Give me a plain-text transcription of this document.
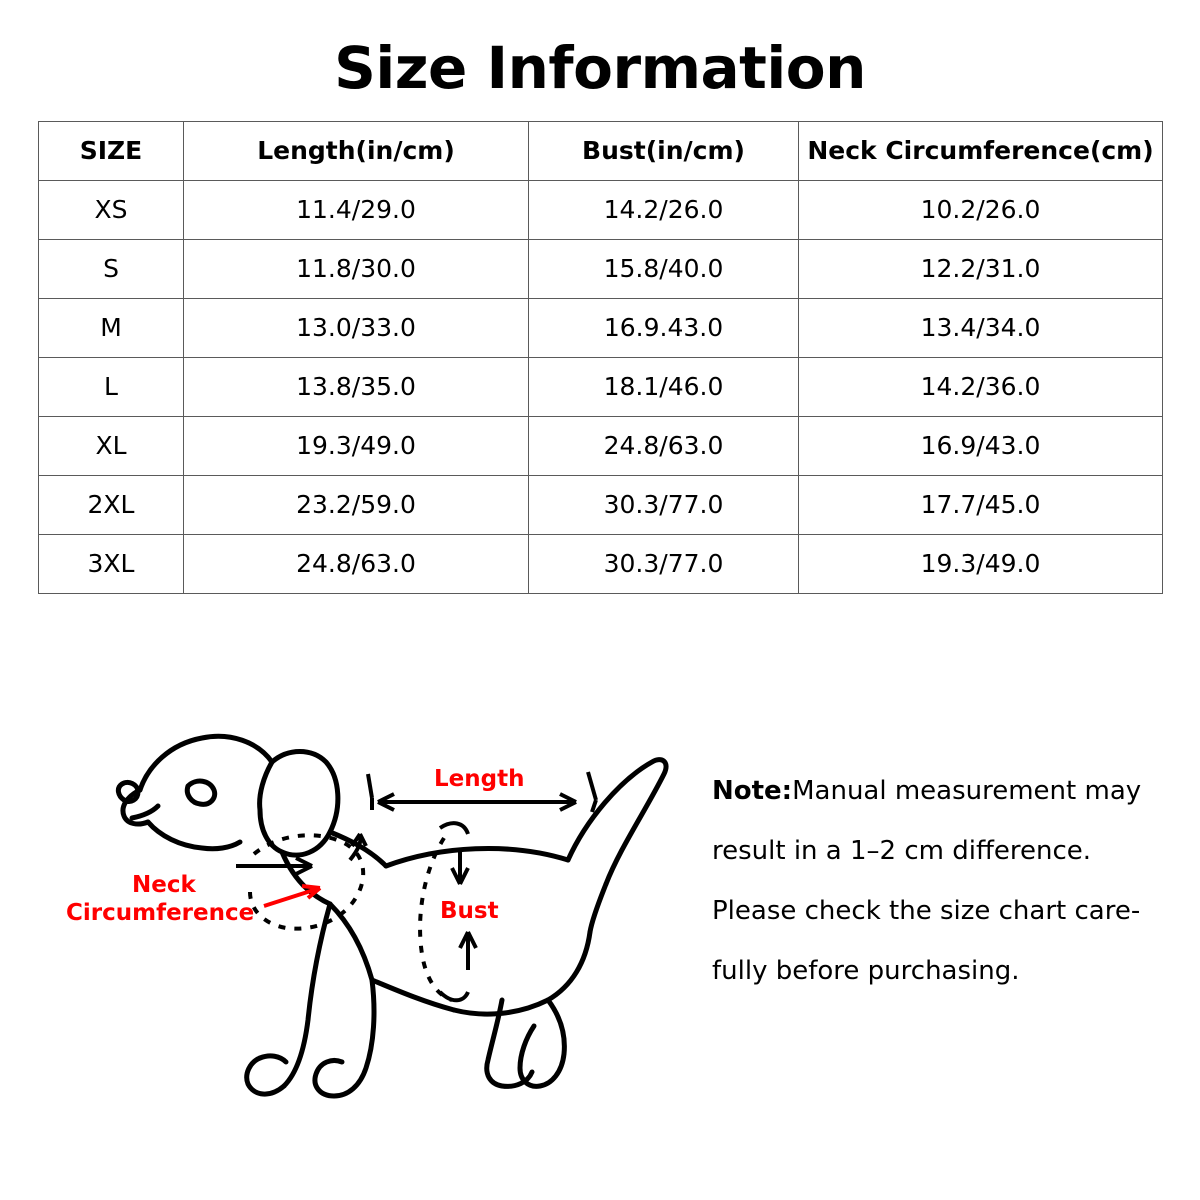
Size Information
SIZE	Length(in/cm)	Bust(in/cm)	Neck Circumference(cm)
XS	11.4/29.0	14.2/26.0	10.2/26.0
S	11.8/30.0	15.8/40.0	12.2/31.0
M	13.0/33.0	16.9.43.0	13.4/34.0
L	13.8/35.0	18.1/46.0	14.2/36.0
XL	19.3/49.0	24.8/63.0	16.9/43.0
2XL	23.2/59.0	30.3/77.0	17.7/45.0
3XL	24.8/63.0	30.3/77.0	19.3/49.0
Length
Neck
Circumference	Bust
Note:Manual measurement may
result in a 1–2 cm difference.
Please check the size chart care-
fully before purchasing.
